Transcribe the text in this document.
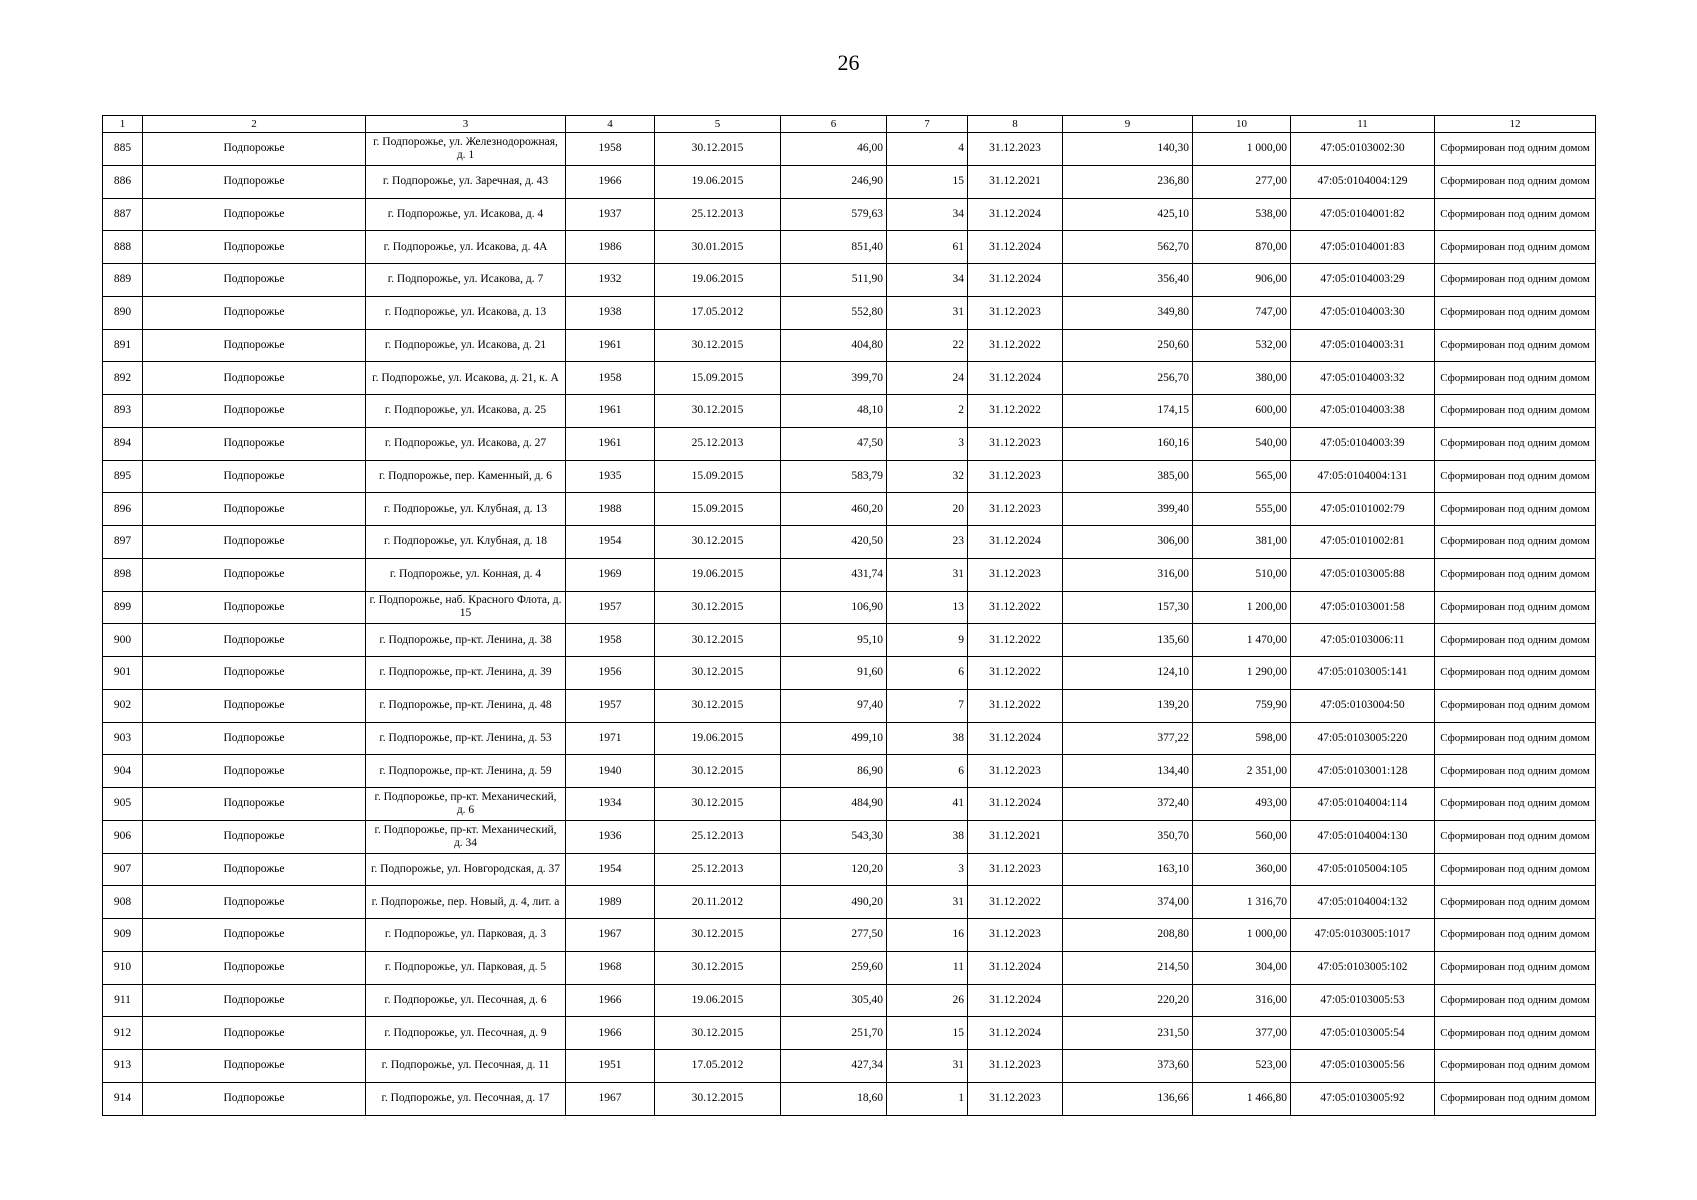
26
1	2	3	4	5	6	7	8	9	10	11	12
885	Подпорожье	г. Подпорожье, ул. Железнодорожная, д. 1	1958	30.12.2015	46,00	4	31.12.2023	140,30	1 000,00	47:05:0103002:30	Сформирован под одним домом
886	Подпорожье	г. Подпорожье, ул. Заречная, д. 43	1966	19.06.2015	246,90	15	31.12.2021	236,80	277,00	47:05:0104004:129	Сформирован под одним домом
887	Подпорожье	г. Подпорожье, ул. Исакова, д. 4	1937	25.12.2013	579,63	34	31.12.2024	425,10	538,00	47:05:0104001:82	Сформирован под одним домом
888	Подпорожье	г. Подпорожье, ул. Исакова, д. 4А	1986	30.01.2015	851,40	61	31.12.2024	562,70	870,00	47:05:0104001:83	Сформирован под одним домом
889	Подпорожье	г. Подпорожье, ул. Исакова, д. 7	1932	19.06.2015	511,90	34	31.12.2024	356,40	906,00	47:05:0104003:29	Сформирован под одним домом
890	Подпорожье	г. Подпорожье, ул. Исакова, д. 13	1938	17.05.2012	552,80	31	31.12.2023	349,80	747,00	47:05:0104003:30	Сформирован под одним домом
891	Подпорожье	г. Подпорожье, ул. Исакова, д. 21	1961	30.12.2015	404,80	22	31.12.2022	250,60	532,00	47:05:0104003:31	Сформирован под одним домом
892	Подпорожье	г. Подпорожье, ул. Исакова, д. 21, к. А	1958	15.09.2015	399,70	24	31.12.2024	256,70	380,00	47:05:0104003:32	Сформирован под одним домом
893	Подпорожье	г. Подпорожье, ул. Исакова, д. 25	1961	30.12.2015	48,10	2	31.12.2022	174,15	600,00	47:05:0104003:38	Сформирован под одним домом
894	Подпорожье	г. Подпорожье, ул. Исакова, д. 27	1961	25.12.2013	47,50	3	31.12.2023	160,16	540,00	47:05:0104003:39	Сформирован под одним домом
895	Подпорожье	г. Подпорожье, пер. Каменный, д. 6	1935	15.09.2015	583,79	32	31.12.2023	385,00	565,00	47:05:0104004:131	Сформирован под одним домом
896	Подпорожье	г. Подпорожье, ул. Клубная, д. 13	1988	15.09.2015	460,20	20	31.12.2023	399,40	555,00	47:05:0101002:79	Сформирован под одним домом
897	Подпорожье	г. Подпорожье, ул. Клубная, д. 18	1954	30.12.2015	420,50	23	31.12.2024	306,00	381,00	47:05:0101002:81	Сформирован под одним домом
898	Подпорожье	г. Подпорожье, ул. Конная, д. 4	1969	19.06.2015	431,74	31	31.12.2023	316,00	510,00	47:05:0103005:88	Сформирован под одним домом
899	Подпорожье	г. Подпорожье, наб. Красного Флота, д. 15	1957	30.12.2015	106,90	13	31.12.2022	157,30	1 200,00	47:05:0103001:58	Сформирован под одним домом
900	Подпорожье	г. Подпорожье, пр-кт. Ленина, д. 38	1958	30.12.2015	95,10	9	31.12.2022	135,60	1 470,00	47:05:0103006:11	Сформирован под одним домом
901	Подпорожье	г. Подпорожье, пр-кт. Ленина, д. 39	1956	30.12.2015	91,60	6	31.12.2022	124,10	1 290,00	47:05:0103005:141	Сформирован под одним домом
902	Подпорожье	г. Подпорожье, пр-кт. Ленина, д. 48	1957	30.12.2015	97,40	7	31.12.2022	139,20	759,90	47:05:0103004:50	Сформирован под одним домом
903	Подпорожье	г. Подпорожье, пр-кт. Ленина, д. 53	1971	19.06.2015	499,10	38	31.12.2024	377,22	598,00	47:05:0103005:220	Сформирован под одним домом
904	Подпорожье	г. Подпорожье, пр-кт. Ленина, д. 59	1940	30.12.2015	86,90	6	31.12.2023	134,40	2 351,00	47:05:0103001:128	Сформирован под одним домом
905	Подпорожье	г. Подпорожье, пр-кт. Механический, д. 6	1934	30.12.2015	484,90	41	31.12.2024	372,40	493,00	47:05:0104004:114	Сформирован под одним домом
906	Подпорожье	г. Подпорожье, пр-кт. Механический, д. 34	1936	25.12.2013	543,30	38	31.12.2021	350,70	560,00	47:05:0104004:130	Сформирован под одним домом
907	Подпорожье	г. Подпорожье, ул. Новгородская, д. 37	1954	25.12.2013	120,20	3	31.12.2023	163,10	360,00	47:05:0105004:105	Сформирован под одним домом
908	Подпорожье	г. Подпорожье, пер. Новый, д. 4, лит. а	1989	20.11.2012	490,20	31	31.12.2022	374,00	1 316,70	47:05:0104004:132	Сформирован под одним домом
909	Подпорожье	г. Подпорожье, ул. Парковая, д. 3	1967	30.12.2015	277,50	16	31.12.2023	208,80	1 000,00	47:05:0103005:1017	Сформирован под одним домом
910	Подпорожье	г. Подпорожье, ул. Парковая, д. 5	1968	30.12.2015	259,60	11	31.12.2024	214,50	304,00	47:05:0103005:102	Сформирован под одним домом
911	Подпорожье	г. Подпорожье, ул. Песочная, д. 6	1966	19.06.2015	305,40	26	31.12.2024	220,20	316,00	47:05:0103005:53	Сформирован под одним домом
912	Подпорожье	г. Подпорожье, ул. Песочная, д. 9	1966	30.12.2015	251,70	15	31.12.2024	231,50	377,00	47:05:0103005:54	Сформирован под одним домом
913	Подпорожье	г. Подпорожье, ул. Песочная, д. 11	1951	17.05.2012	427,34	31	31.12.2023	373,60	523,00	47:05:0103005:56	Сформирован под одним домом
914	Подпорожье	г. Подпорожье, ул. Песочная, д. 17	1967	30.12.2015	18,60	1	31.12.2023	136,66	1 466,80	47:05:0103005:92	Сформирован под одним домом
